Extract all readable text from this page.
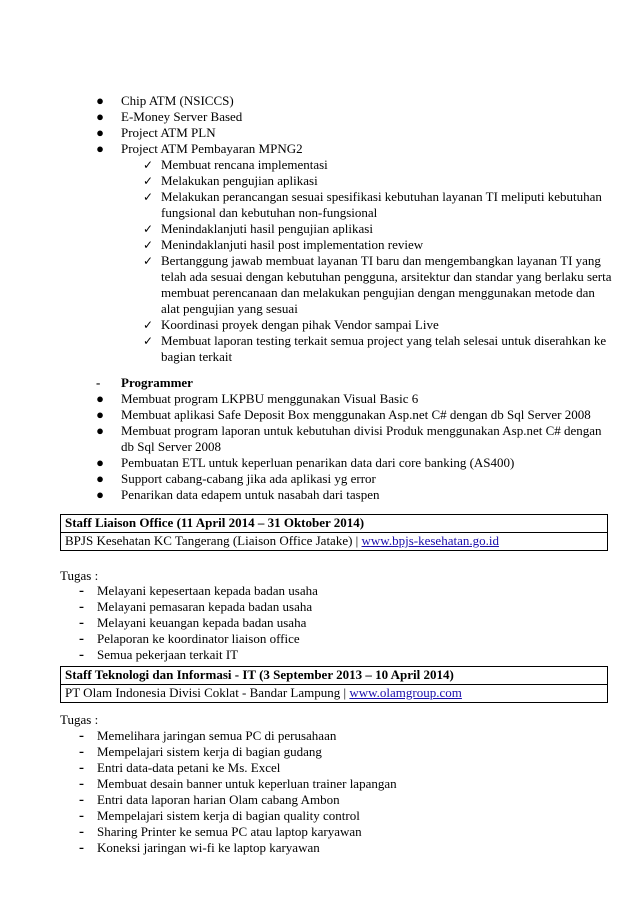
● Chip ATM (NSICCS)
● E-Money Server Based
● Project ATM PLN
● Project ATM Pembayaran MPNG2
✓ Membuat rencana implementasi
✓ Melakukan pengujian aplikasi
✓ Melakukan perancangan sesuai spesifikasi kebutuhan layanan TI meliputi kebutuhan
fungsional dan kebutuhan non-fungsional
✓ Menindaklanjuti hasil pengujian aplikasi
✓ Menindaklanjuti hasil post implementation review
✓ Bertanggung jawab membuat layanan TI baru dan mengembangkan layanan TI yang
telah ada sesuai dengan kebutuhan pengguna, arsitektur dan standar yang berlaku serta
membuat perencanaan dan melakukan pengujian dengan menggunakan metode dan
alat pengujian yang sesuai
✓ Koordinasi proyek dengan pihak Vendor sampai Live
✓ Membuat laporan testing terkait semua project yang telah selesai untuk diserahkan ke
bagian terkait
- Programmer
● Membuat program LKPBU menggunakan Visual Basic 6
● Membuat aplikasi Safe Deposit Box menggunakan Asp.net C# dengan db Sql Server 2008
● Membuat program laporan untuk kebutuhan divisi Produk menggunakan Asp.net C# dengan
db Sql Server 2008
● Pembuatan ETL untuk keperluan penarikan data dari core banking (AS400)
● Support cabang-cabang jika ada aplikasi yg error
● Penarikan data edapem untuk nasabah dari taspen
Staff Liaison Office (11 April 2014 – 31 Oktober 2014)
BPJS Kesehatan KC Tangerang (Liaison Office Jatake) | www.bpjs-kesehatan.go.id
Tugas :
- Melayani kepesertaan kepada badan usaha
- Melayani pemasaran kepada badan usaha
- Melayani keuangan kepada badan usaha
- Pelaporan ke koordinator liaison office
- Semua pekerjaan terkait IT
Staff Teknologi dan Informasi - IT (3 September 2013 – 10 April 2014)
PT Olam Indonesia Divisi Coklat - Bandar Lampung | www.olamgroup.com
Tugas :
- Memelihara jaringan semua PC di perusahaan
- Mempelajari sistem kerja di bagian gudang
- Entri data-data petani ke Ms. Excel
- Membuat desain banner untuk keperluan trainer lapangan
- Entri data laporan harian Olam cabang Ambon
- Mempelajari sistem kerja di bagian quality control
- Sharing Printer ke semua PC atau laptop karyawan
- Koneksi jaringan wi-fi ke laptop karyawan
